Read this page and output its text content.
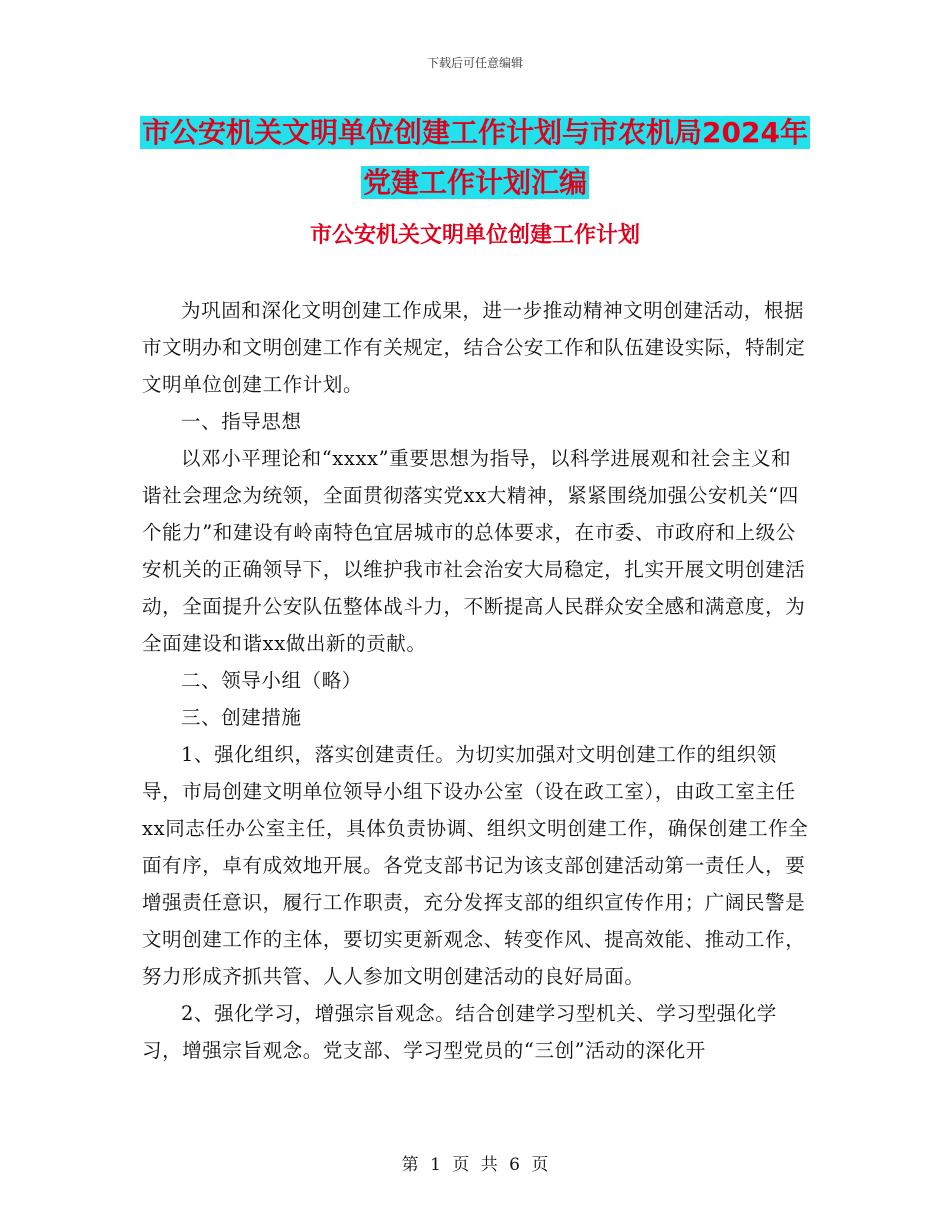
下载后可任意编辑
市公安机关文明单位创建工作计划与市农机局2024年
党建工作计划汇编
市公安机关文明单位创建工作计划

为巩固和深化文明创建工作成果，进一步推动精神文明创建活动，根据市文明办和文明创建工作有关规定，结合公安工作和队伍建设实际，特制定文明单位创建工作计划。

一、指导思想

以邓小平理论和“xxxx”重要思想为指导，以科学进展观和社会主义和谐社会理念为统领，全面贯彻落实党xx大精神，紧紧围绕加强公安机关“四个能力”和建设有岭南特色宜居城市的总体要求，在市委、市政府和上级公安机关的正确领导下，以维护我市社会治安大局稳定，扎实开展文明创建活动，全面提升公安队伍整体战斗力，不断提高人民群众安全感和满意度，为全面建设和谐xx做出新的贡献。

二、领导小组（略）

三、创建措施

1、强化组织，落实创建责任。为切实加强对文明创建工作的组织领导，市局创建文明单位领导小组下设办公室（设在政工室），由政工室主任xx同志任办公室主任，具体负责协调、组织文明创建工作，确保创建工作全面有序，卓有成效地开展。各党支部书记为该支部创建活动第一责任人，要增强责任意识，履行工作职责，充分发挥支部的组织宣传作用；广阔民警是文明创建工作的主体，要切实更新观念、转变作风、提高效能、推动工作，努力形成齐抓共管、人人参加文明创建活动的良好局面。

2、强化学习，增强宗旨观念。结合创建学习型机关、学习型强化学习，增强宗旨观念。党支部、学习型党员的“三创”活动的深化开

第 1 页 共 6 页
